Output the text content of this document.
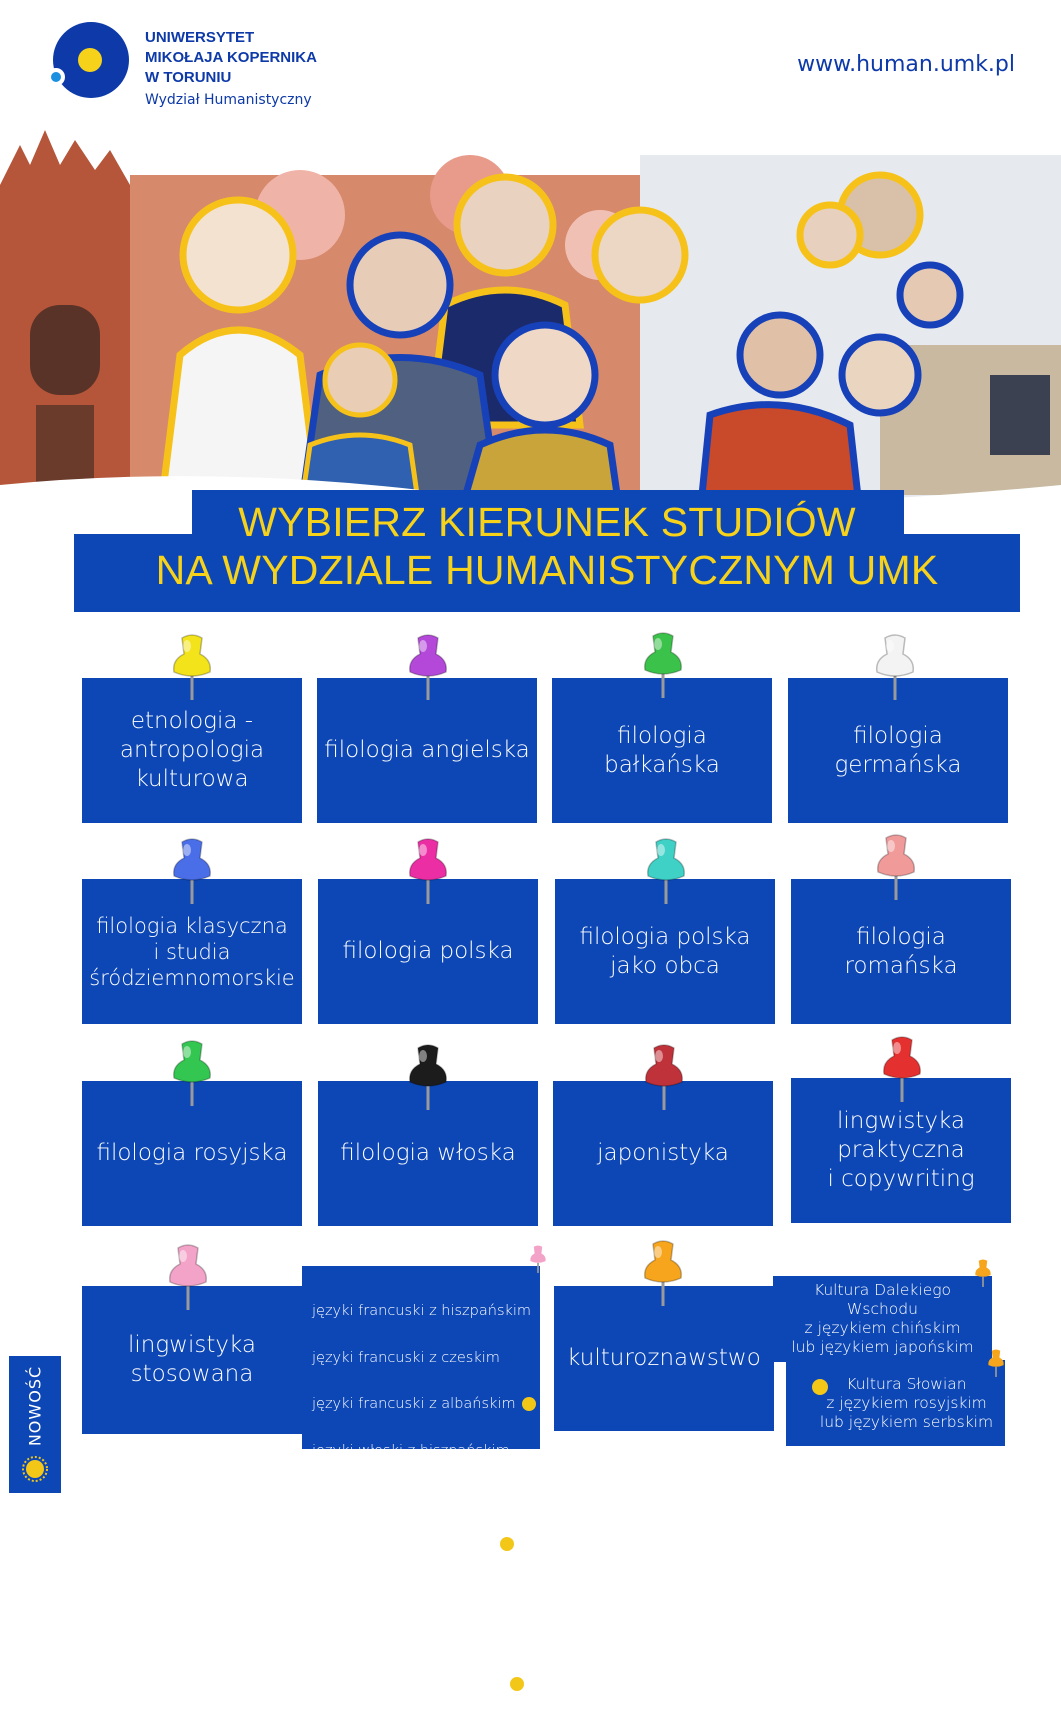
UNIWERSYTET
MIKOŁAJA KOPERNIKA
W TORUNIU
Wydział Humanistyczny
www.human.umk.pl
WYBIERZ KIERUNEK STUDIÓW
NA WYDZIALE HUMANISTYCZNYM UMK
etnologia -
antropologia
kulturowa
filologia angielska
filologia
bałkańska
filologia
germańska
filologia klasyczna
i studia
śródziemnomorskie
filologia polska
filologia polska
jako obca
filologia
romańska
filologia rosyjska filologia włoska	japonistyka
lingwistyka
praktyczna
i copywriting
lingwistyka
stosowana

języki francuski z hiszpańskim

języki francuski z czeskim

języki francuski z albańskim

języki włoski z hiszpańskim

języki włoski z czeskim

języki włoski z albańskim

języki rosyjski z hiszpańskim

języki rosyjski z czeskim

języki rosyjski z albańskim

kulturoznawstwo
Kultura Dalekiego Wschodu
z językiem chińskim
lub językiem japońskim
Kultura Słowian
z językiem rosyjskim
lub językiem serbskim
NOWOŚĆ
